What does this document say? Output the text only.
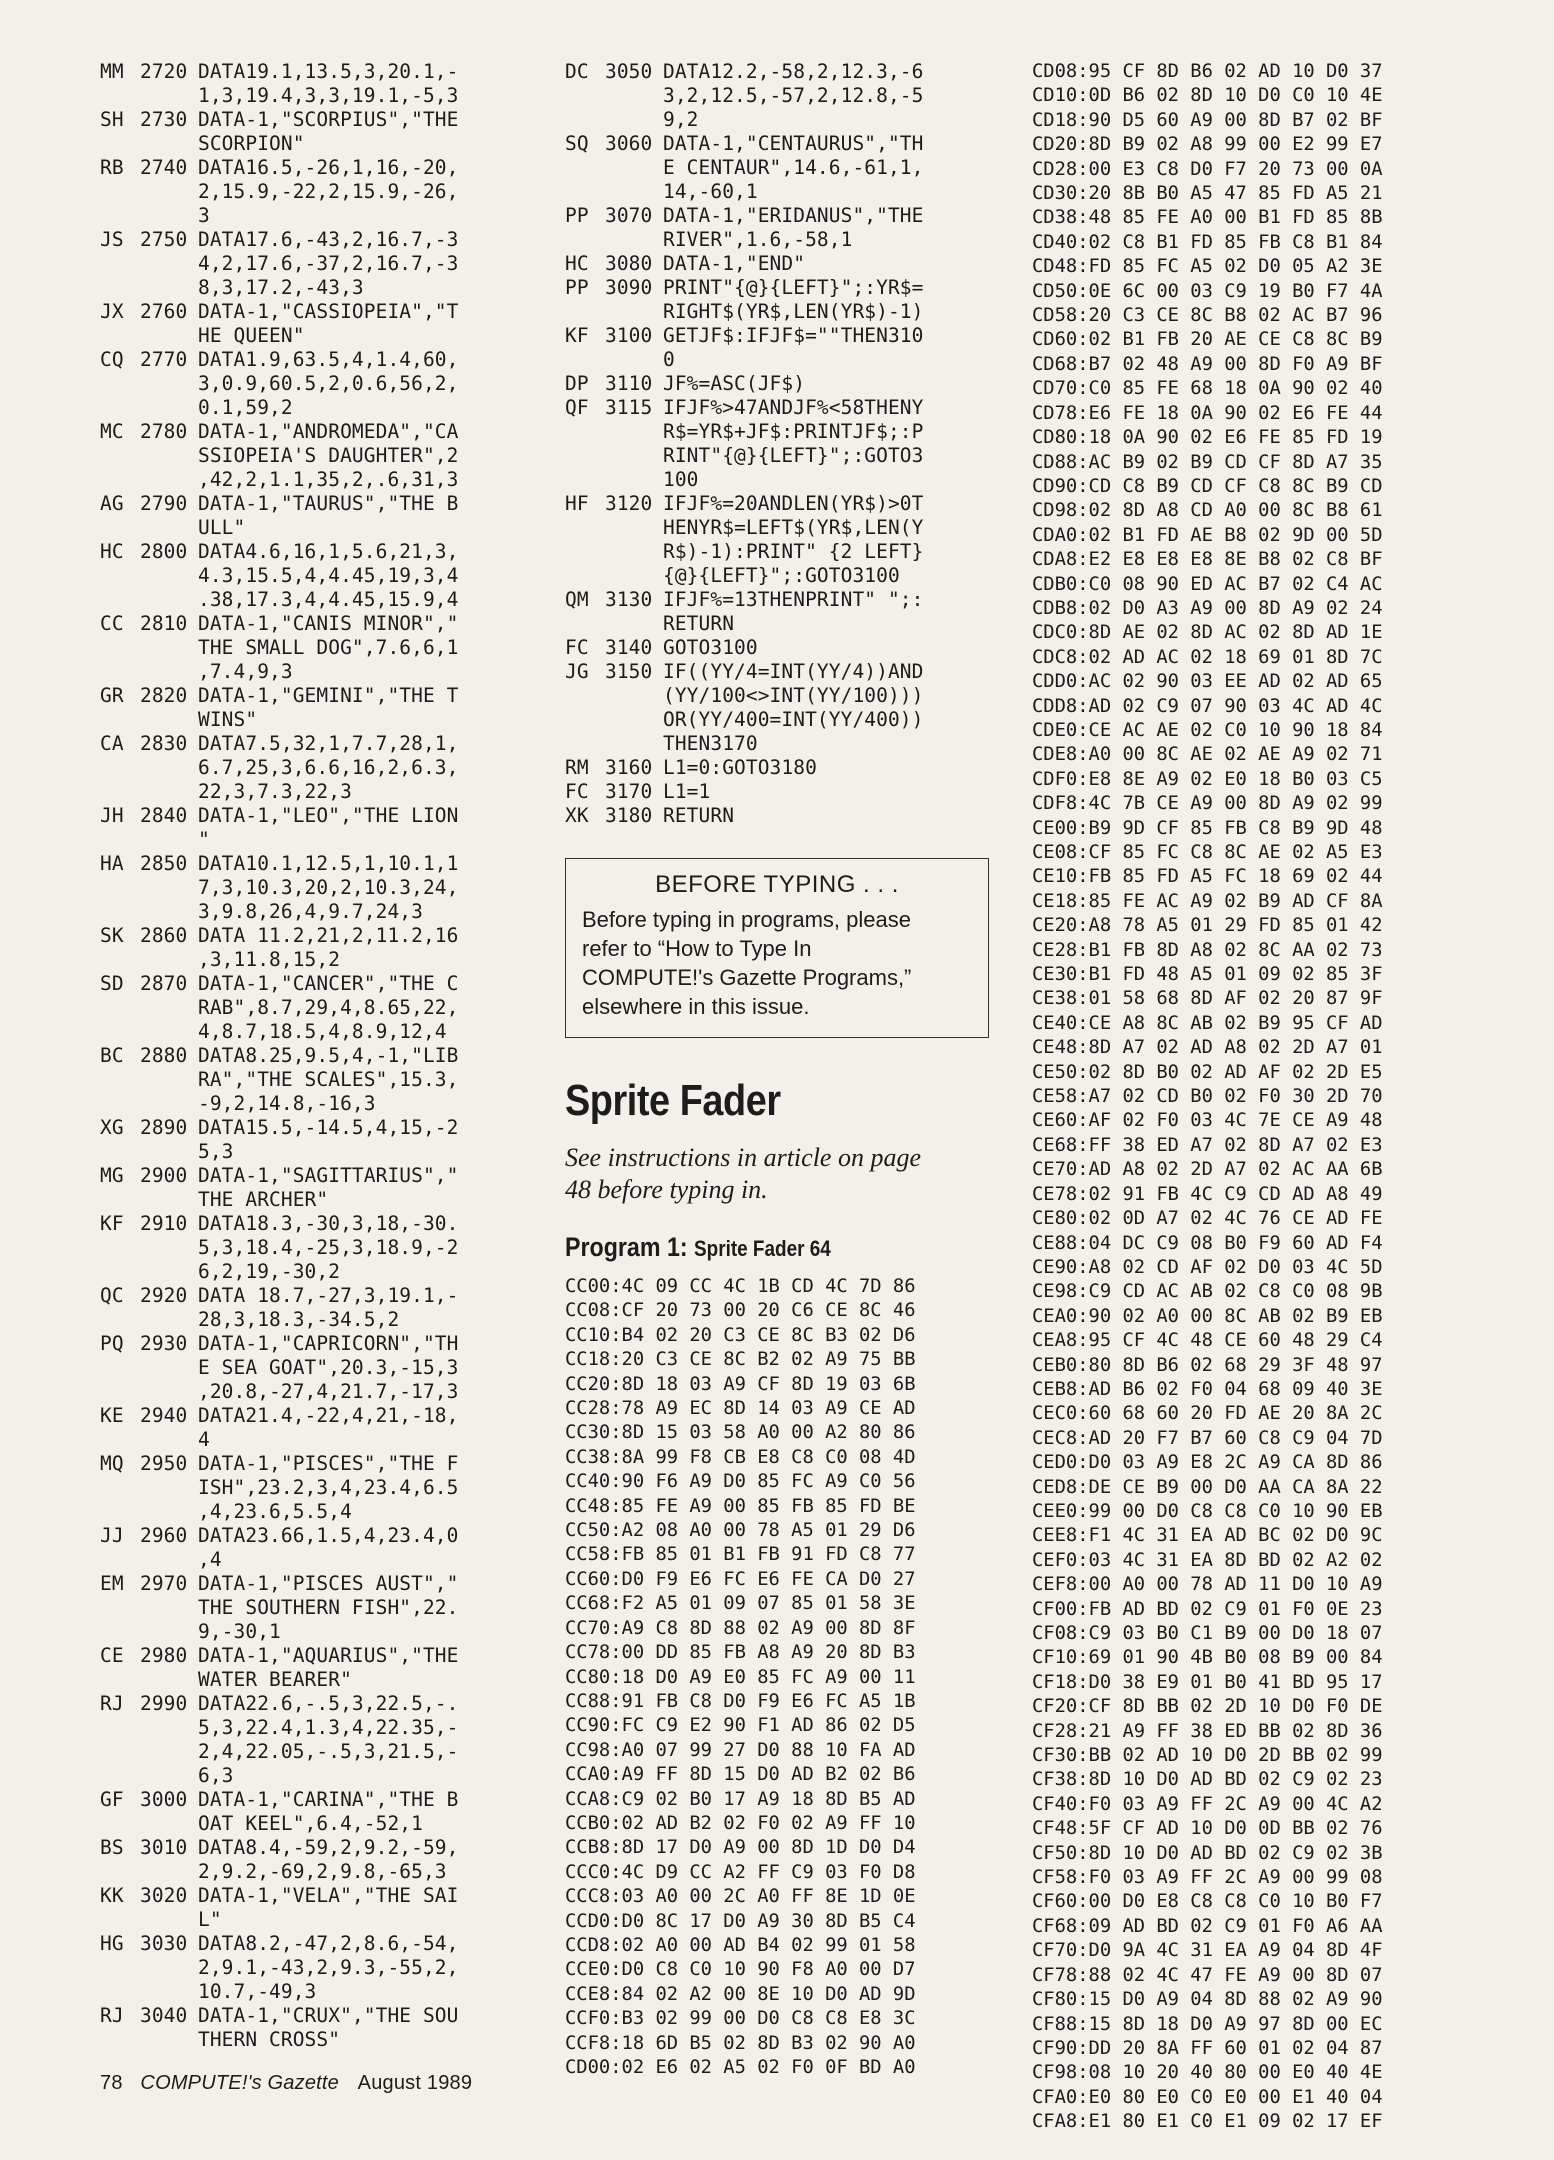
MM 2720 DATA19.1,13.5,3,20.1,-
1,3,19.4,3,3,19.1,-5,3
SH 2730 DATA-1,"SCORPIUS","THE
SCORPION"
RB 2740 DATA16.5,-26,1,16,-20,
2,15.9,-22,2,15.9,-26,
3
JS 2750 DATA17.6,-43,2,16.7,-3
4,2,17.6,-37,2,16.7,-3
8,3,17.2,-43,3
JX 2760 DATA-1,"CASSIOPEIA","T
HE QUEEN"
CQ 2770 DATA1.9,63.5,4,1.4,60,
3,0.9,60.5,2,0.6,56,2,
0.1,59,2
MC 2780 DATA-1,"ANDROMEDA","CA
SSIOPEIA'S DAUGHTER",2
,42,2,1.1,35,2,.6,31,3
AG 2790 DATA-1,"TAURUS","THE B
ULL"
HC 2800 DATA4.6,16,1,5.6,21,3,
4.3,15.5,4,4.45,19,3,4
.38,17.3,4,4.45,15.9,4
CC 2810 DATA-1,"CANIS MINOR","
THE SMALL DOG",7.6,6,1
,7.4,9,3
GR 2820 DATA-1,"GEMINI","THE T
WINS"
CA 2830 DATA7.5,32,1,7.7,28,1,
6.7,25,3,6.6,16,2,6.3,
22,3,7.3,22,3
JH 2840 DATA-1,"LEO","THE LION
"
HA 2850 DATA10.1,12.5,1,10.1,1
7,3,10.3,20,2,10.3,24,
3,9.8,26,4,9.7,24,3
SK 2860 DATA 11.2,21,2,11.2,16
,3,11.8,15,2
SD 2870 DATA-1,"CANCER","THE C
RAB",8.7,29,4,8.65,22,
4,8.7,18.5,4,8.9,12,4
BC 2880 DATA8.25,9.5,4,-1,"LIB
RA","THE SCALES",15.3,
-9,2,14.8,-16,3
XG 2890 DATA15.5,-14.5,4,15,-2
5,3
MG 2900 DATA-1,"SAGITTARIUS","
THE ARCHER"
KF 2910 DATA18.3,-30,3,18,-30.
5,3,18.4,-25,3,18.9,-2
6,2,19,-30,2
QC 2920 DATA 18.7,-27,3,19.1,-
28,3,18.3,-34.5,2
PQ 2930 DATA-1,"CAPRICORN","TH
E SEA GOAT",20.3,-15,3
,20.8,-27,4,21.7,-17,3
KE 2940 DATA21.4,-22,4,21,-18,
4
MQ 2950 DATA-1,"PISCES","THE F
ISH",23.2,3,4,23.4,6.5
,4,23.6,5.5,4
JJ 2960 DATA23.66,1.5,4,23.4,0
,4
EM 2970 DATA-1,"PISCES AUST","
THE SOUTHERN FISH",22.
9,-30,1
CE 2980 DATA-1,"AQUARIUS","THE
WATER BEARER"
RJ 2990 DATA22.6,-.5,3,22.5,-.
5,3,22.4,1.3,4,22.35,-
2,4,22.05,-.5,3,21.5,-
6,3
GF 3000 DATA-1,"CARINA","THE B
OAT KEEL",6.4,-52,1
BS 3010 DATA8.4,-59,2,9.2,-59,
2,9.2,-69,2,9.8,-65,3
KK 3020 DATA-1,"VELA","THE SAI
L"
HG 3030 DATA8.2,-47,2,8.6,-54,
2,9.1,-43,2,9.3,-55,2,
10.7,-49,3
RJ 3040 DATA-1,"CRUX","THE SOU
THERN CROSS"
DC 3050 DATA12.2,-58,2,12.3,-6
3,2,12.5,-57,2,12.8,-5
9,2
SQ 3060 DATA-1,"CENTAURUS","TH
E CENTAUR",14.6,-61,1,
14,-60,1
PP 3070 DATA-1,"ERIDANUS","THE
RIVER",1.6,-58,1
HC 3080 DATA-1,"END"
PP 3090 PRINT"{@}{LEFT}";:YR$=
RIGHT$(YR$,LEN(YR$)-1)
KF 3100 GETJF$:IFJF$=""THEN310
0
DP 3110 JF%=ASC(JF$)
QF 3115 IFJF%>47ANDJF%<58THENY
R$=YR$+JF$:PRINTJF$;:P
RINT"{@}{LEFT}";:GOTO3
100
HF 3120 IFJF%=20ANDLEN(YR$)>0T
HENYR$=LEFT$(YR$,LEN(Y
R$)-1):PRINT" {2 LEFT}
{@}{LEFT}";:GOTO3100
QM 3130 IFJF%=13THENPRINT" ";:
RETURN
FC 3140 GOTO3100
JG 3150 IF((YY/4=INT(YY/4))AND
(YY/100<>INT(YY/100)))
OR(YY/400=INT(YY/400))
THEN3170
RM 3160 L1=0:GOTO3180
FC 3170 L1=1
XK 3180 RETURN
BEFORE TYPING . . .
Before typing in programs, please
refer to “How to Type In
COMPUTE!'s Gazette Programs,”
elsewhere in this issue.
Sprite Fader
See instructions in article on page
48 before typing in.
Program 1: Sprite Fader 64
CC00:4C 09 CC 4C 1B CD 4C 7D 86
CC08:CF 20 73 00 20 C6 CE 8C 46
CC10:B4 02 20 C3 CE 8C B3 02 D6
CC18:20 C3 CE 8C B2 02 A9 75 BB
CC20:8D 18 03 A9 CF 8D 19 03 6B
CC28:78 A9 EC 8D 14 03 A9 CE AD
CC30:8D 15 03 58 A0 00 A2 80 86
CC38:8A 99 F8 CB E8 C8 C0 08 4D
CC40:90 F6 A9 D0 85 FC A9 C0 56
CC48:85 FE A9 00 85 FB 85 FD BE
CC50:A2 08 A0 00 78 A5 01 29 D6
CC58:FB 85 01 B1 FB 91 FD C8 77
CC60:D0 F9 E6 FC E6 FE CA D0 27
CC68:F2 A5 01 09 07 85 01 58 3E
CC70:A9 C8 8D 88 02 A9 00 8D 8F
CC78:00 DD 85 FB A8 A9 20 8D B3
CC80:18 D0 A9 E0 85 FC A9 00 11
CC88:91 FB C8 D0 F9 E6 FC A5 1B
CC90:FC C9 E2 90 F1 AD 86 02 D5
CC98:A0 07 99 27 D0 88 10 FA AD
CCA0:A9 FF 8D 15 D0 AD B2 02 B6
CCA8:C9 02 B0 17 A9 18 8D B5 AD
CCB0:02 AD B2 02 F0 02 A9 FF 10
CCB8:8D 17 D0 A9 00 8D 1D D0 D4
CCC0:4C D9 CC A2 FF C9 03 F0 D8
CCC8:03 A0 00 2C A0 FF 8E 1D 0E
CCD0:D0 8C 17 D0 A9 30 8D B5 C4
CCD8:02 A0 00 AD B4 02 99 01 58
CCE0:D0 C8 C0 10 90 F8 A0 00 D7
CCE8:84 02 A2 00 8E 10 D0 AD 9D
CCF0:B3 02 99 00 D0 C8 C8 E8 3C
CCF8:18 6D B5 02 8D B3 02 90 A0
CD00:02 E6 02 A5 02 F0 0F BD A0
CD08:95 CF 8D B6 02 AD 10 D0 37
CD10:0D B6 02 8D 10 D0 C0 10 4E
CD18:90 D5 60 A9 00 8D B7 02 BF
CD20:8D B9 02 A8 99 00 E2 99 E7
CD28:00 E3 C8 D0 F7 20 73 00 0A
CD30:20 8B B0 A5 47 85 FD A5 21
CD38:48 85 FE A0 00 B1 FD 85 8B
CD40:02 C8 B1 FD 85 FB C8 B1 84
CD48:FD 85 FC A5 02 D0 05 A2 3E
CD50:0E 6C 00 03 C9 19 B0 F7 4A
CD58:20 C3 CE 8C B8 02 AC B7 96
CD60:02 B1 FB 20 AE CE C8 8C B9
CD68:B7 02 48 A9 00 8D F0 A9 BF
CD70:C0 85 FE 68 18 0A 90 02 40
CD78:E6 FE 18 0A 90 02 E6 FE 44
CD80:18 0A 90 02 E6 FE 85 FD 19
CD88:AC B9 02 B9 CD CF 8D A7 35
CD90:CD C8 B9 CD CF C8 8C B9 CD
CD98:02 8D A8 CD A0 00 8C B8 61
CDA0:02 B1 FD AE B8 02 9D 00 5D
CDA8:E2 E8 E8 E8 8E B8 02 C8 BF
CDB0:C0 08 90 ED AC B7 02 C4 AC
CDB8:02 D0 A3 A9 00 8D A9 02 24
CDC0:8D AE 02 8D AC 02 8D AD 1E
CDC8:02 AD AC 02 18 69 01 8D 7C
CDD0:AC 02 90 03 EE AD 02 AD 65
CDD8:AD 02 C9 07 90 03 4C AD 4C
CDE0:CE AC AE 02 C0 10 90 18 84
CDE8:A0 00 8C AE 02 AE A9 02 71
CDF0:E8 8E A9 02 E0 18 B0 03 C5
CDF8:4C 7B CE A9 00 8D A9 02 99
CE00:B9 9D CF 85 FB C8 B9 9D 48
CE08:CF 85 FC C8 8C AE 02 A5 E3
CE10:FB 85 FD A5 FC 18 69 02 44
CE18:85 FE AC A9 02 B9 AD CF 8A
CE20:A8 78 A5 01 29 FD 85 01 42
CE28:B1 FB 8D A8 02 8C AA 02 73
CE30:B1 FD 48 A5 01 09 02 85 3F
CE38:01 58 68 8D AF 02 20 87 9F
CE40:CE A8 8C AB 02 B9 95 CF AD
CE48:8D A7 02 AD A8 02 2D A7 01
CE50:02 8D B0 02 AD AF 02 2D E5
CE58:A7 02 CD B0 02 F0 30 2D 70
CE60:AF 02 F0 03 4C 7E CE A9 48
CE68:FF 38 ED A7 02 8D A7 02 E3
CE70:AD A8 02 2D A7 02 AC AA 6B
CE78:02 91 FB 4C C9 CD AD A8 49
CE80:02 0D A7 02 4C 76 CE AD FE
CE88:04 DC C9 08 B0 F9 60 AD F4
CE90:A8 02 CD AF 02 D0 03 4C 5D
CE98:C9 CD AC AB 02 C8 C0 08 9B
CEA0:90 02 A0 00 8C AB 02 B9 EB
CEA8:95 CF 4C 48 CE 60 48 29 C4
CEB0:80 8D B6 02 68 29 3F 48 97
CEB8:AD B6 02 F0 04 68 09 40 3E
CEC0:60 68 60 20 FD AE 20 8A 2C
CEC8:AD 20 F7 B7 60 C8 C9 04 7D
CED0:D0 03 A9 E8 2C A9 CA 8D 86
CED8:DE CE B9 00 D0 AA CA 8A 22
CEE0:99 00 D0 C8 C8 C0 10 90 EB
CEE8:F1 4C 31 EA AD BC 02 D0 9C
CEF0:03 4C 31 EA 8D BD 02 A2 02
CEF8:00 A0 00 78 AD 11 D0 10 A9
CF00:FB AD BD 02 C9 01 F0 0E 23
CF08:C9 03 B0 C1 B9 00 D0 18 07
CF10:69 01 90 4B B0 08 B9 00 84
CF18:D0 38 E9 01 B0 41 BD 95 17
CF20:CF 8D BB 02 2D 10 D0 F0 DE
CF28:21 A9 FF 38 ED BB 02 8D 36
CF30:BB 02 AD 10 D0 2D BB 02 99
CF38:8D 10 D0 AD BD 02 C9 02 23
CF40:F0 03 A9 FF 2C A9 00 4C A2
CF48:5F CF AD 10 D0 0D BB 02 76
CF50:8D 10 D0 AD BD 02 C9 02 3B
CF58:F0 03 A9 FF 2C A9 00 99 08
CF60:00 D0 E8 C8 C8 C0 10 B0 F7
CF68:09 AD BD 02 C9 01 F0 A6 AA
CF70:D0 9A 4C 31 EA A9 04 8D 4F
CF78:88 02 4C 47 FE A9 00 8D 07
CF80:15 D0 A9 04 8D 88 02 A9 90
CF88:15 8D 18 D0 A9 97 8D 00 EC
CF90:DD 20 8A FF 60 01 02 04 87
CF98:08 10 20 40 80 00 E0 40 4E
CFA0:E0 80 E0 C0 E0 00 E1 40 04
CFA8:E1 80 E1 C0 E1 09 02 17 EF
78 COMPUTE!'s Gazette August 1989
